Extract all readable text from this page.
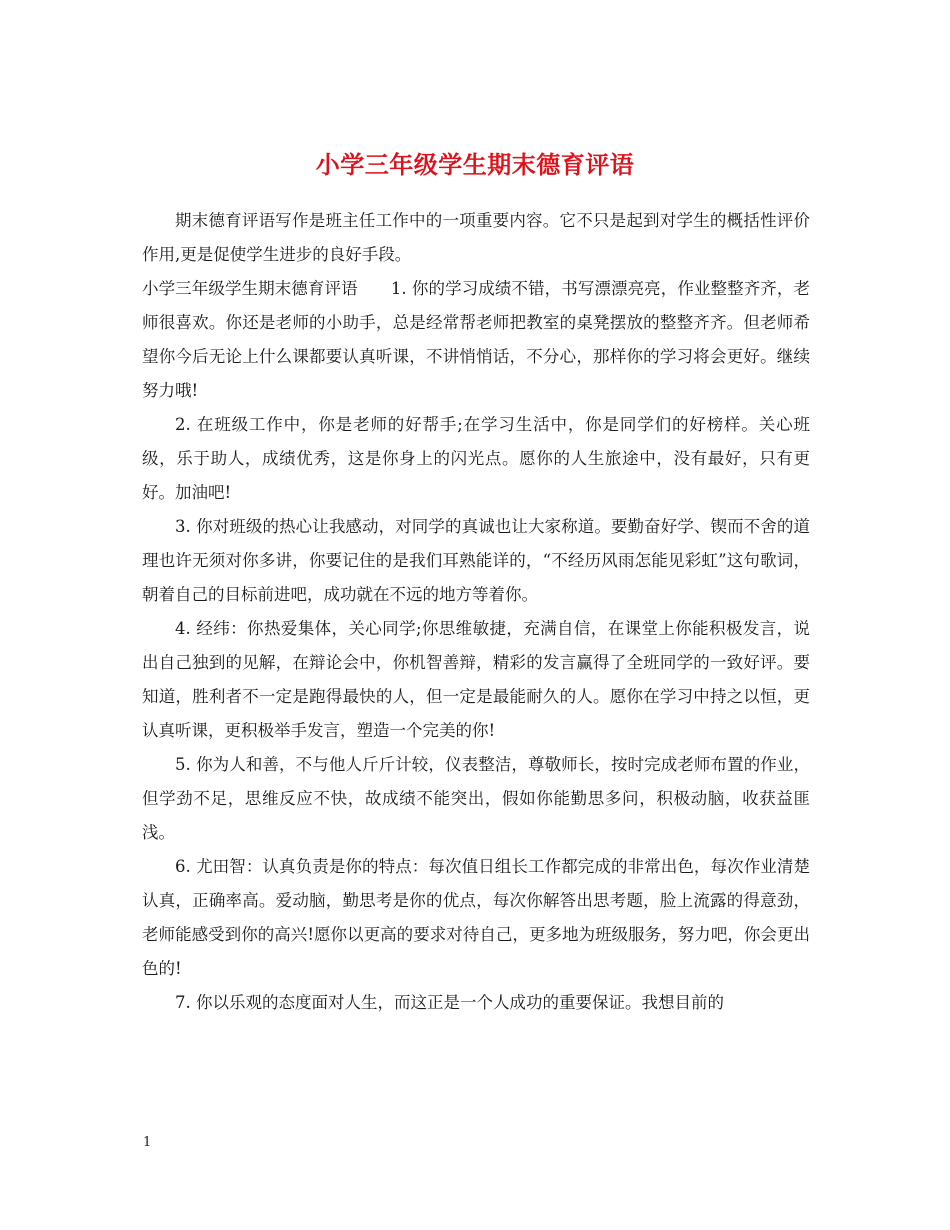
小学三年级学生期末德育评语

期末德育评语写作是班主任工作中的一项重要内容。它不只是起到对学生的概括性评价作用,更是促使学生进步的良好手段。

小学三年级学生期末德育评语　　1. 你的学习成绩不错，书写漂漂亮亮，作业整整齐齐，老师很喜欢。你还是老师的小助手，总是经常帮老师把教室的桌凳摆放的整整齐齐。但老师希望你今后无论上什么课都要认真听课，不讲悄悄话，不分心，那样你的学习将会更好。继续努力哦!

2. 在班级工作中，你是老师的好帮手;在学习生活中，你是同学们的好榜样。关心班级，乐于助人，成绩优秀，这是你身上的闪光点。愿你的人生旅途中，没有最好，只有更好。加油吧!

3. 你对班级的热心让我感动，对同学的真诚也让大家称道。要勤奋好学、锲而不舍的道理也许无须对你多讲，你要记住的是我们耳熟能详的，“不经历风雨怎能见彩虹”这句歌词，朝着自己的目标前进吧，成功就在不远的地方等着你。

4. 经纬：你热爱集体，关心同学;你思维敏捷，充满自信，在课堂上你能积极发言，说出自己独到的见解，在辩论会中，你机智善辩，精彩的发言赢得了全班同学的一致好评。要知道，胜利者不一定是跑得最快的人，但一定是最能耐久的人。愿你在学习中持之以恒，更认真听课，更积极举手发言，塑造一个完美的你!

5. 你为人和善，不与他人斤斤计较，仪表整洁，尊敬师长，按时完成老师布置的作业，但学劲不足，思维反应不快，故成绩不能突出，假如你能勤思多问，积极动脑，收获益匪浅。

6. 尤田智：认真负责是你的特点：每次值日组长工作都完成的非常出色，每次作业清楚认真，正确率高。爱动脑，勤思考是你的优点，每次你解答出思考题，脸上流露的得意劲，老师能感受到你的高兴!愿你以更高的要求对待自己，更多地为班级服务，努力吧，你会更出色的!

7. 你以乐观的态度面对人生，而这正是一个人成功的重要保证。我想目前的

1
